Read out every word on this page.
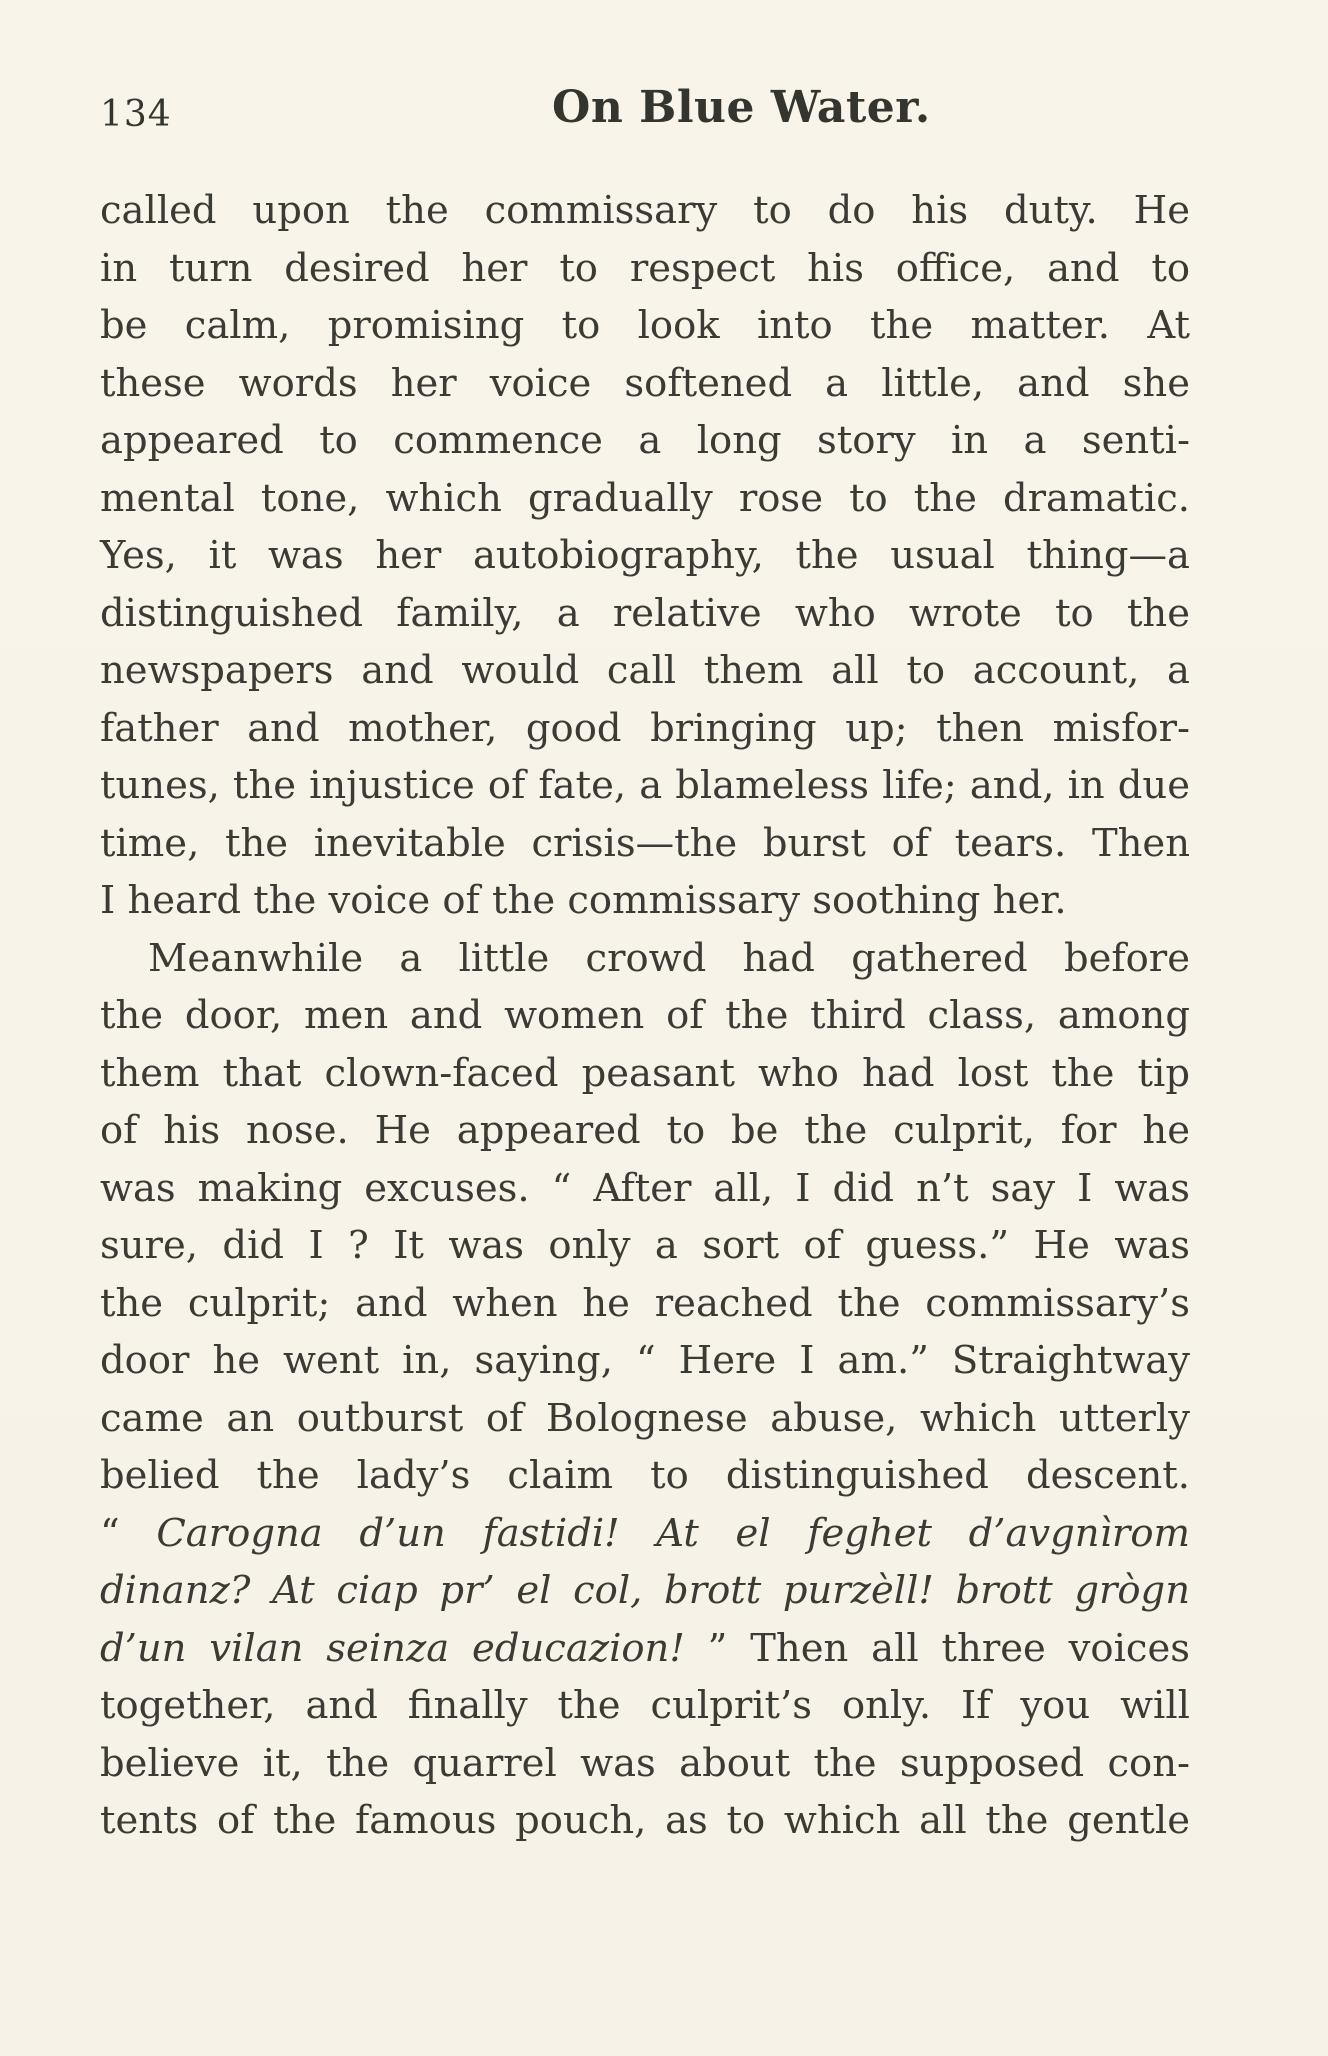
134	On Blue Water.
called upon the commissary to do his duty. He
in turn desired her to respect his office, and to
be calm, promising to look into the matter. At
these words her voice softened a little, and she
appeared to commence a long story in a senti-
mental tone, which gradually rose to the dramatic.
Yes, it was her autobiography, the usual thing—a
distinguished family, a relative who wrote to the
newspapers and would call them all to account, a
father and mother, good bringing up; then misfor-
tunes, the injustice of fate, a blameless life; and, in due
time, the inevitable crisis—the burst of tears. Then
I heard the voice of the commissary soothing her.
Meanwhile a little crowd had gathered before
the door, men and women of the third class, among
them that clown-faced peasant who had lost the tip
of his nose. He appeared to be the culprit, for he
was making excuses. “ After all, I did n’t say I was
sure, did I ? It was only a sort of guess.” He was
the culprit; and when he reached the commissary’s
door he went in, saying, “ Here I am.” Straightway
came an outburst of Bolognese abuse, which utterly
belied the lady’s claim to distinguished descent.
“ Carogna d’un fastidi! At el feghet d’avgnìrom
dinanz? At ciap pr’ el col, brott purzèll! brott grògn
d’un vilan seinza educazion! ” Then all three voices
together, and finally the culprit’s only. If you will
believe it, the quarrel was about the supposed con-
tents of the famous pouch, as to which all the gentle
